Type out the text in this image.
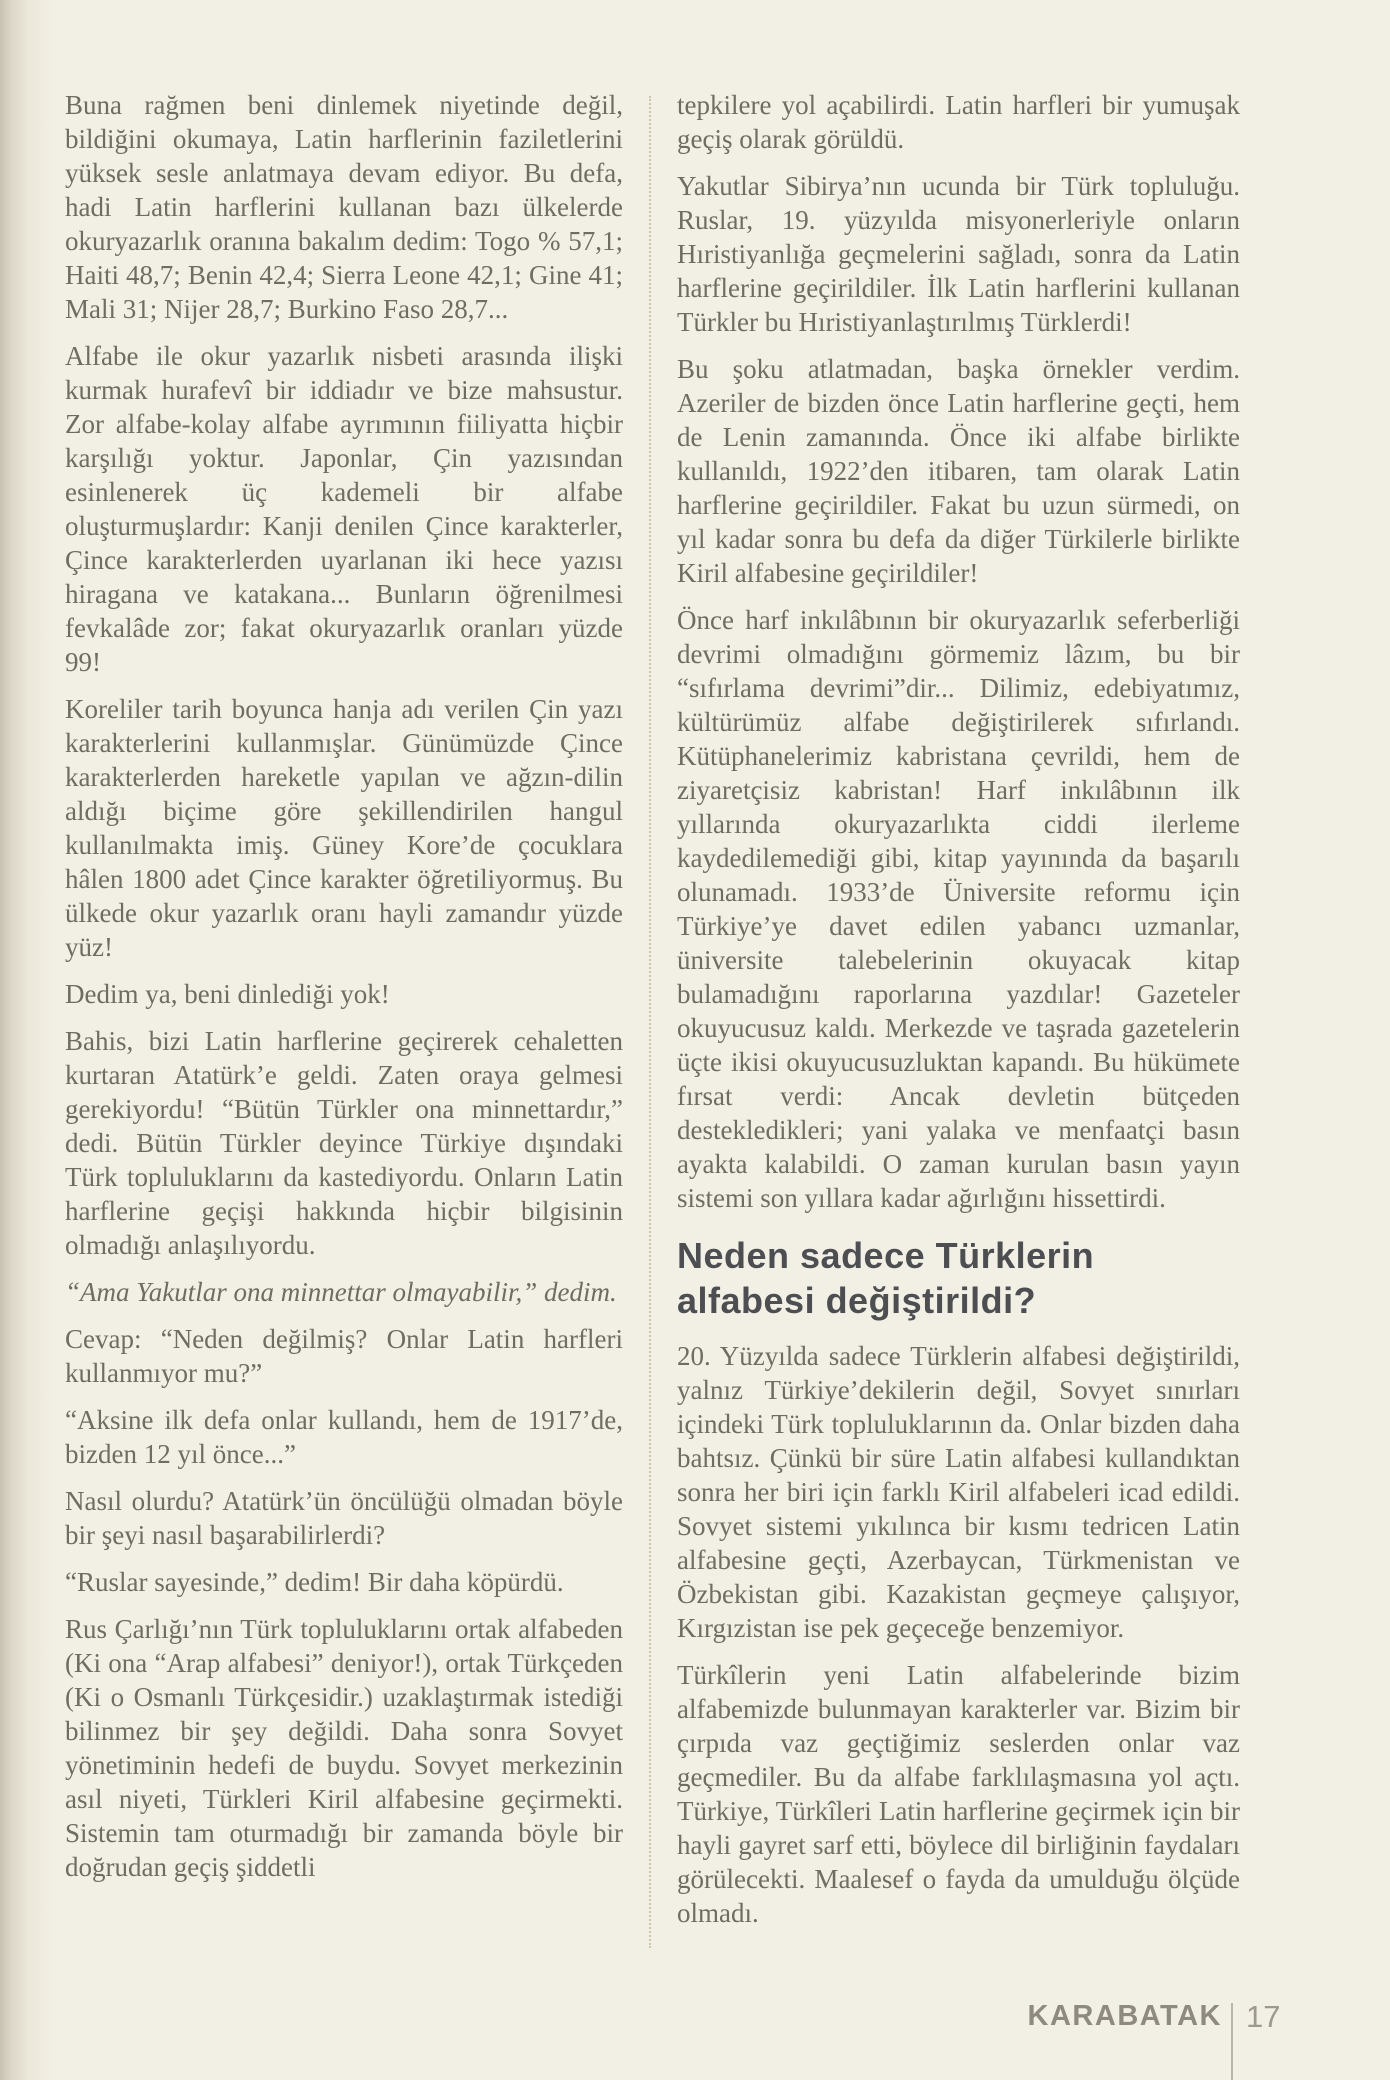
Buna rağmen beni dinlemek niyetinde değil, bildiğini okumaya, Latin harflerinin faziletlerini yüksek sesle anlatmaya devam ediyor. Bu defa, hadi Latin harflerini kullanan bazı ülkelerde okuryazarlık oranına bakalım dedim: Togo % 57,1; Haiti 48,7; Benin 42,4; Sierra Leone 42,1; Gine 41; Mali 31; Nijer 28,7; Burkino Faso 28,7...

Alfabe ile okur yazarlık nisbeti arasında ilişki kurmak hurafevî bir iddiadır ve bize mahsustur. Zor alfabe-kolay alfabe ayrımının fiiliyatta hiçbir karşılığı yoktur. Japonlar, Çin yazısından esinlenerek üç kademeli bir alfabe oluşturmuşlardır: Kanji denilen Çince karakterler, Çince karakterlerden uyarlanan iki hece yazısı hiragana ve katakana... Bunların öğrenilmesi fevkalâde zor; fakat okuryazarlık oranları yüzde 99!

Koreliler tarih boyunca hanja adı verilen Çin yazı karakterlerini kullanmışlar. Günümüzde Çince karakterlerden hareketle yapılan ve ağzın-dilin aldığı biçime göre şekillendirilen hangul kullanılmakta imiş. Güney Kore’de çocuklara hâlen 1800 adet Çince karakter öğretiliyormuş. Bu ülkede okur yazarlık oranı hayli zamandır yüzde yüz!

Dedim ya, beni dinlediği yok!

Bahis, bizi Latin harflerine geçirerek cehaletten kurtaran Atatürk’e geldi. Zaten oraya gelmesi gerekiyordu! “Bütün Türkler ona minnettardır,” dedi. Bütün Türkler deyince Türkiye dışındaki Türk topluluklarını da kastediyordu. Onların Latin harflerine geçişi hakkında hiçbir bilgisinin olmadığı anlaşılıyordu.

“Ama Yakutlar ona minnettar olmayabilir,” dedim.

Cevap: “Neden değilmiş? Onlar Latin harfleri kullanmıyor mu?”

“Aksine ilk defa onlar kullandı, hem de 1917’de, bizden 12 yıl önce...”

Nasıl olurdu? Atatürk’ün öncülüğü olmadan böyle bir şeyi nasıl başarabilirlerdi?

“Ruslar sayesinde,” dedim! Bir daha köpürdü.

Rus Çarlığı’nın Türk topluluklarını ortak alfabeden (Ki ona “Arap alfabesi” deniyor!), ortak Türkçeden (Ki o Osmanlı Türkçesidir.) uzaklaştırmak istediği bilinmez bir şey değildi. Daha sonra Sovyet yönetiminin hedefi de buydu. Sovyet merkezinin asıl niyeti, Türkleri Kiril alfabesine geçirmekti. Sistemin tam oturmadığı bir zamanda böyle bir doğrudan geçiş şiddetli

tepkilere yol açabilirdi. Latin harfleri bir yumuşak geçiş olarak görüldü.

Yakutlar Sibirya’nın ucunda bir Türk topluluğu. Ruslar, 19. yüzyılda misyonerleriyle onların Hıristiyanlığa geçmelerini sağladı, sonra da Latin harflerine geçirildiler. İlk Latin harflerini kullanan Türkler bu Hıristiyanlaştırılmış Türklerdi!

Bu şoku atlatmadan, başka örnekler verdim. Azeriler de bizden önce Latin harflerine geçti, hem de Lenin zamanında. Önce iki alfabe birlikte kullanıldı, 1922’den itibaren, tam olarak Latin harflerine geçirildiler. Fakat bu uzun sürmedi, on yıl kadar sonra bu defa da diğer Türkilerle birlikte Kiril alfabesine geçirildiler!

Önce harf inkılâbının bir okuryazarlık seferberliği devrimi olmadığını görmemiz lâzım, bu bir “sıfırlama devrimi”dir... Dilimiz, edebiyatımız, kültürümüz alfabe değiştirilerek sıfırlandı. Kütüphanelerimiz kabristana çevrildi, hem de ziyaretçisiz kabristan! Harf inkılâbının ilk yıllarında okuryazarlıkta ciddi ilerleme kaydedilemediği gibi, kitap yayınında da başarılı olunamadı. 1933’de Üniversite reformu için Türkiye’ye davet edilen yabancı uzmanlar, üniversite talebelerinin okuyacak kitap bulamadığını raporlarına yazdılar! Gazeteler okuyucusuz kaldı. Merkezde ve taşrada gazetelerin üçte ikisi okuyucusuzluktan kapandı. Bu hükümete fırsat verdi: Ancak devletin bütçeden destekledikleri; yani yalaka ve menfaatçi basın ayakta kalabildi. O zaman kurulan basın yayın sistemi son yıllara kadar ağırlığını hissettirdi.

Neden sadece Türklerin alfabesi değiştirildi?

20. Yüzyılda sadece Türklerin alfabesi değiştirildi, yalnız Türkiye’dekilerin değil, Sovyet sınırları içindeki Türk topluluklarının da. Onlar bizden daha bahtsız. Çünkü bir süre Latin alfabesi kullandıktan sonra her biri için farklı Kiril alfabeleri icad edildi. Sovyet sistemi yıkılınca bir kısmı tedricen Latin alfabesine geçti, Azerbaycan, Türkmenistan ve Özbekistan gibi. Kazakistan geçmeye çalışıyor, Kırgızistan ise pek geçeceğe benzemiyor.

Türkîlerin yeni Latin alfabelerinde bizim alfabemizde bulunmayan karakterler var. Bizim bir çırpıda vaz geçtiğimiz seslerden onlar vaz geçmediler. Bu da alfabe farklılaşmasına yol açtı. Türkiye, Türkîleri Latin harflerine geçirmek için bir hayli gayret sarf etti, böylece dil birliğinin faydaları görülecekti. Maalesef o fayda da umulduğu ölçüde olmadı.

KARABATAK 17
